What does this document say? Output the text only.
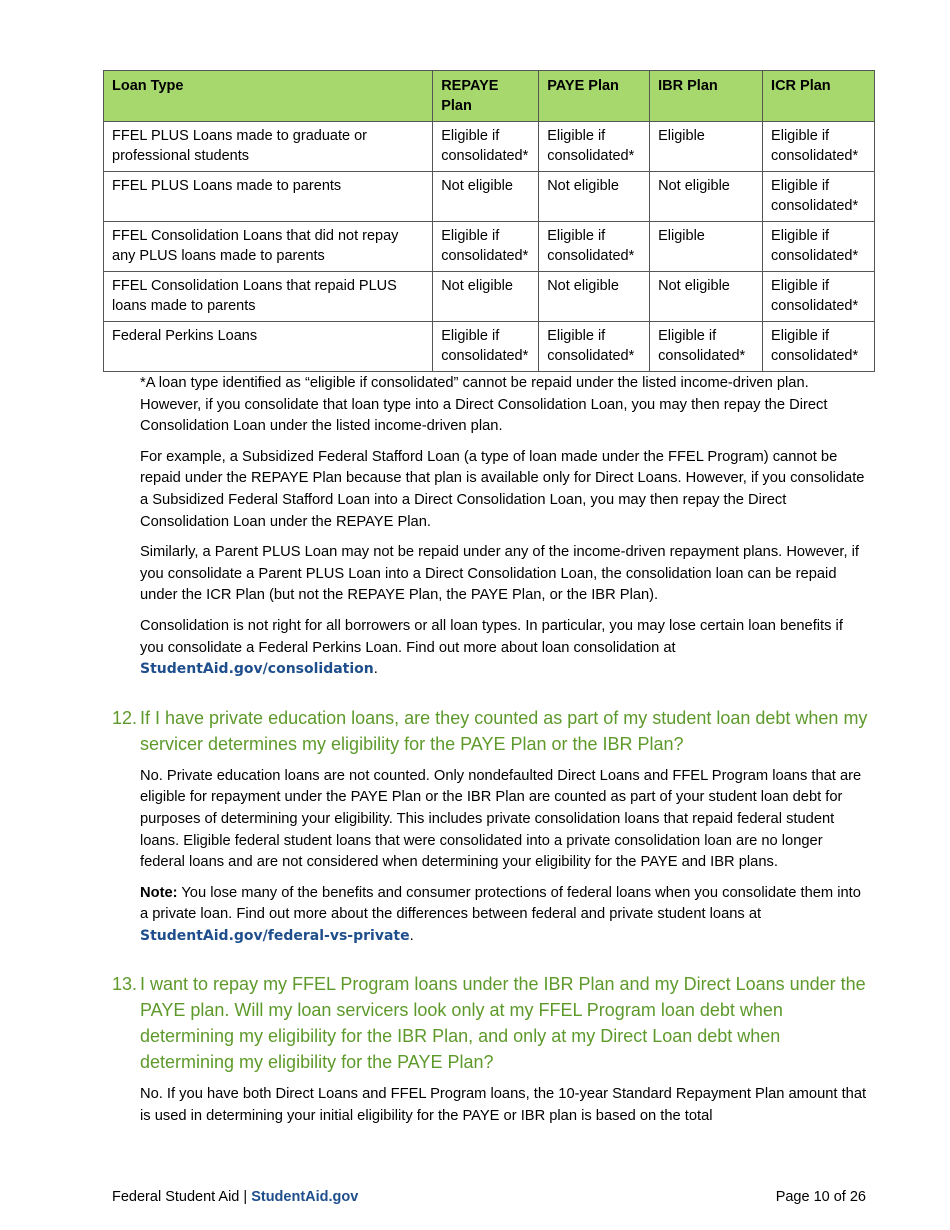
Loan Type	REPAYE Plan	PAYE Plan	IBR Plan	ICR Plan
FFEL PLUS Loans made to graduate or professional students	Eligible if consolidated*	Eligible if consolidated*	Eligible	Eligible if consolidated*
FFEL PLUS Loans made to parents	Not eligible	Not eligible	Not eligible	Eligible if consolidated*
FFEL Consolidation Loans that did not repay any PLUS loans made to parents	Eligible if consolidated*	Eligible if consolidated*	Eligible	Eligible if consolidated*
FFEL Consolidation Loans that repaid PLUS loans made to parents	Not eligible	Not eligible	Not eligible	Eligible if consolidated*
Federal Perkins Loans	Eligible if consolidated*	Eligible if consolidated*	Eligible if consolidated*	Eligible if consolidated*

*A loan type identified as “eligible if consolidated” cannot be repaid under the listed income-driven plan. However, if you consolidate that loan type into a Direct Consolidation Loan, you may then repay the Direct Consolidation Loan under the listed income-driven plan.

For example, a Subsidized Federal Stafford Loan (a type of loan made under the FFEL Program) cannot be repaid under the REPAYE Plan because that plan is available only for Direct Loans. However, if you consolidate a Subsidized Federal Stafford Loan into a Direct Consolidation Loan, you may then repay the Direct Consolidation Loan under the REPAYE Plan.

Similarly, a Parent PLUS Loan may not be repaid under any of the income-driven repayment plans. However, if you consolidate a Parent PLUS Loan into a Direct Consolidation Loan, the consolidation loan can be repaid under the ICR Plan (but not the REPAYE Plan, the PAYE Plan, or the IBR Plan).

Consolidation is not right for all borrowers or all loan types. In particular, you may lose certain loan benefits if you consolidate a Federal Perkins Loan. Find out more about loan consolidation at StudentAid.gov/consolidation.

12. If I have private education loans, are they counted as part of my student loan debt when my servicer determines my eligibility for the PAYE Plan or the IBR Plan?

No. Private education loans are not counted. Only nondefaulted Direct Loans and FFEL Program loans that are eligible for repayment under the PAYE Plan or the IBR Plan are counted as part of your student loan debt for purposes of determining your eligibility. This includes private consolidation loans that repaid federal student loans. Eligible federal student loans that were consolidated into a private consolidation loan are no longer federal loans and are not considered when determining your eligibility for the PAYE and IBR plans.

Note: You lose many of the benefits and consumer protections of federal loans when you consolidate them into a private loan. Find out more about the differences between federal and private student loans at StudentAid.gov/federal-vs-private.

13. I want to repay my FFEL Program loans under the IBR Plan and my Direct Loans under the PAYE plan. Will my loan servicers look only at my FFEL Program loan debt when determining my eligibility for the IBR Plan, and only at my Direct Loan debt when determining my eligibility for the PAYE Plan?

No. If you have both Direct Loans and FFEL Program loans, the 10-year Standard Repayment Plan amount that is used in determining your initial eligibility for the PAYE or IBR plan is based on the total

Federal Student Aid | StudentAid.gov	Page 10 of 26
